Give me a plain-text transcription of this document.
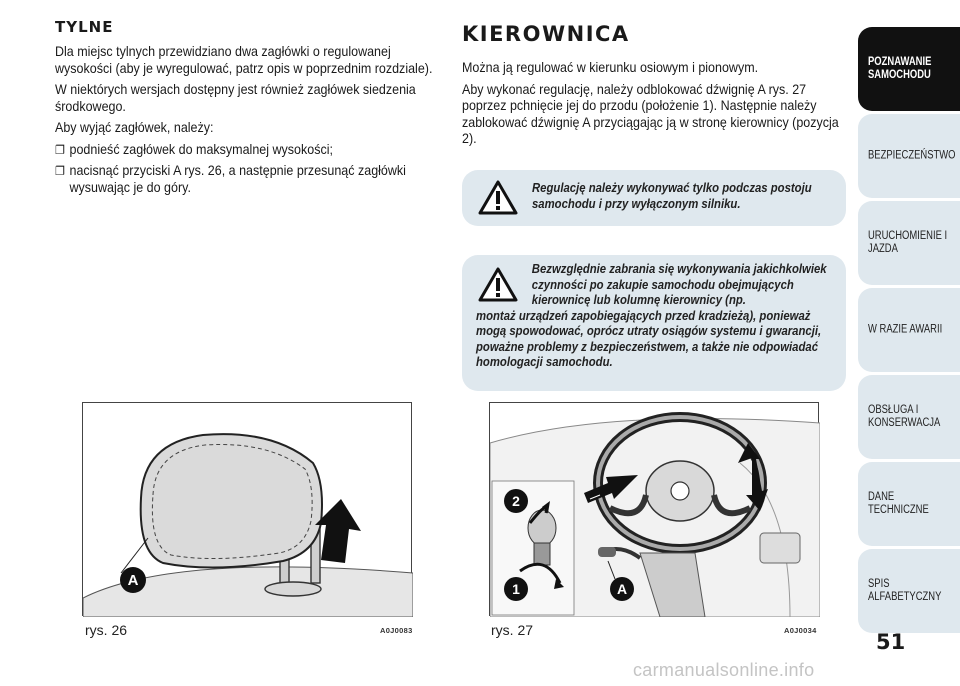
TYLNE
Dla miejsc tylnych przewidziano dwa zagłówki o regulowanej wysokości (aby je wyregulować, patrz opis w poprzednim rozdziale).
W niektórych wersjach dostępny jest również zagłówek siedzenia środkowego.
Aby wyjąć zagłówek, należy:
❐ podnieść zagłówek do maksymalnej wysokości;
❐ nacisnąć przyciski A rys. 26, a następnie przesunąć zagłówki wysuwając je do góry.
KIEROWNICA
Można ją regulować w kierunku osiowym i pionowym.
Aby wykonać regulację, należy odblokować dźwignię A rys. 27 poprzez pchnięcie jej do przodu (położenie 1). Następnie należy zablokować dźwignię A przyciągając ją w stronę kierownicy (pozycja 2).
Regulację należy wykonywać tylko podczas postoju samochodu i przy wyłączonym silniku.
Bezwzględnie zabrania się wykonywania jakichkolwiek czynności po zakupie samochodu obejmujących kierownicę lub kolumnę kierownicy (np.
montaż urządzeń zapobiegających przed kradzieżą), ponieważ mogą spowodować, oprócz utraty osiągów systemu i gwarancji, poważne problemy z bezpieczeństwem, a także nie odpowiadać homologacji samochodu.
A
rys. 26	A0J0083
2
1	A
rys. 27	A0J0034
POZNAWANIE SAMOCHODU
BEZPIECZEŃSTWO
URUCHOMIENIE I JAZDA
W RAZIE AWARII
OBSŁUGA I KONSERWACJA
DANE TECHNICZNE
SPIS ALFABETYCZNY
51
carmanualsonline.info
